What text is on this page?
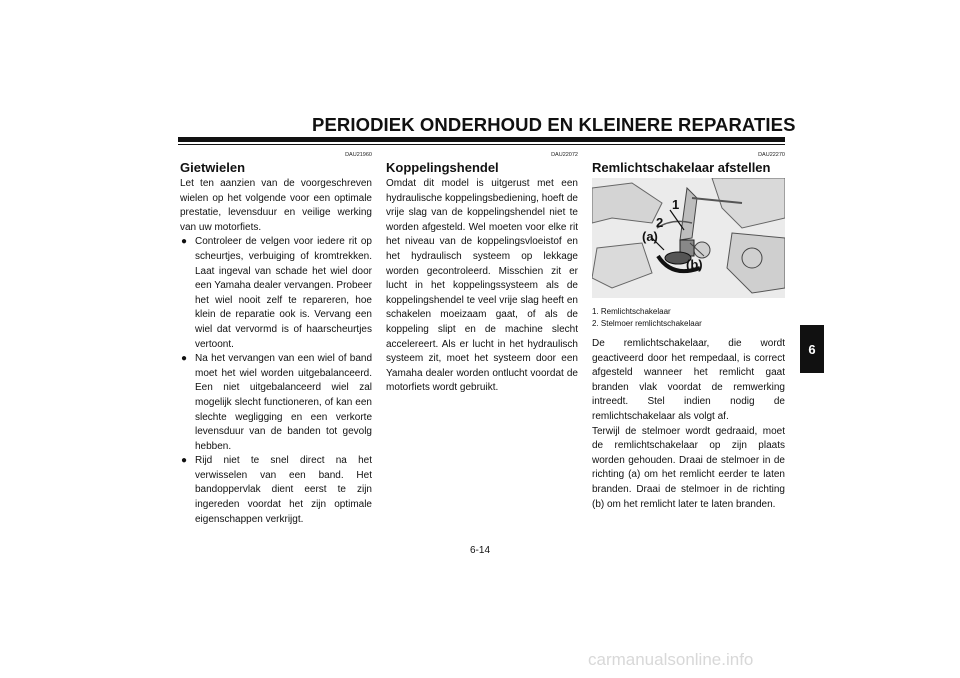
PERIODIEK ONDERHOUD EN KLEINERE REPARATIES
DAU21960
Gietwielen

Let ten aanzien van de voorgeschreven wielen op het volgende voor een optimale prestatie, levensduur en veilige werking van uw motorfiets.

● Controleer de velgen voor iedere rit op scheurtjes, verbuiging of kromtrekken. Laat ingeval van schade het wiel door een Yamaha dealer vervangen. Probeer het wiel nooit zelf te repareren, hoe klein de reparatie ook is. Vervang een wiel dat vervormd is of haarscheurtjes vertoont.
● Na het vervangen van een wiel of band moet het wiel worden uitgebalanceerd. Een niet uitgebalanceerd wiel zal mogelijk slecht functioneren, of kan een slechte wegligging en een verkorte levensduur van de banden tot gevolg hebben.
● Rijd niet te snel direct na het verwisselen van een band. Het bandoppervlak dient eerst te zijn ingereden voordat het zijn optimale eigenschappen verkrijgt.
DAU22072
Koppelingshendel

Omdat dit model is uitgerust met een hydraulische koppelingsbediening, hoeft de vrije slag van de koppelingshendel niet te worden afgesteld. Wel moeten voor elke rit het niveau van de koppelingsvloeistof en het hydraulisch systeem op lekkage worden gecontroleerd. Misschien zit er lucht in het koppelingssysteem als de koppelingshendel te veel vrije slag heeft en schakelen moeizaam gaat, of als de koppeling slipt en de machine slecht accelereert. Als er lucht in het hydraulisch systeem zit, moet het systeem door een Yamaha dealer worden ontlucht voordat de motorfiets wordt gebruikt.

DAU22270
Remlichtschakelaar afstellen
1
2
(a)
(b)
1. Remlichtschakelaar
2. Stelmoer remlichtschakelaar

De remlichtschakelaar, die wordt geactiveerd door het rempedaal, is correct afgesteld wanneer het remlicht gaat branden vlak voordat de remwerking intreedt. Stel indien nodig de remlichtschakelaar als volgt af.

Terwijl de stelmoer wordt gedraaid, moet de remlichtschakelaar op zijn plaats worden gehouden. Draai de stelmoer in de richting (a) om het remlicht eerder te laten branden. Draai de stelmoer in de richting (b) om het remlicht later te laten branden.

6
6-14
carmanualsonline.info
